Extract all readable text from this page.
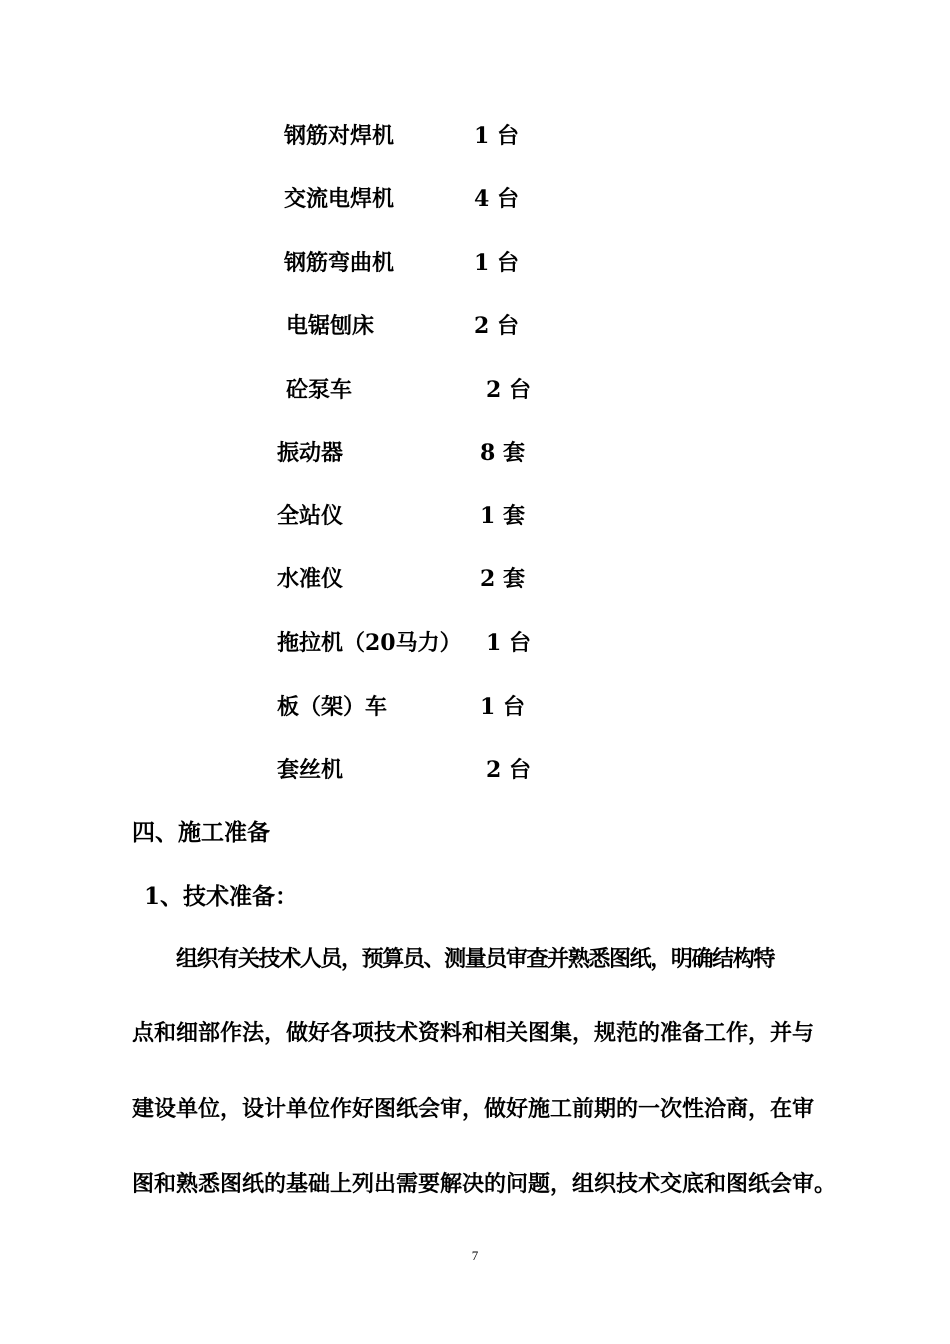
钢筋对焊机	1 台
交流电焊机	4 台
钢筋弯曲机	1 台
电锯刨床	2 台
砼泵车	2 台
振动器	8 套
全站仪	1 套
水准仪	2 套
拖拉机（20马力） 1 台
板（架）车	1 台
套丝机	2 台
四、施工准备
1、技术准备：
组织有关技术人员，预算员、测量员审查并熟悉图纸，明确结构特
点和细部作法，做好各项技术资料和相关图集，规范的准备工作，并与
建设单位，设计单位作好图纸会审，做好施工前期的一次性洽商，在审
图和熟悉图纸的基础上列出需要解决的问题，组织技术交底和图纸会审。
7
